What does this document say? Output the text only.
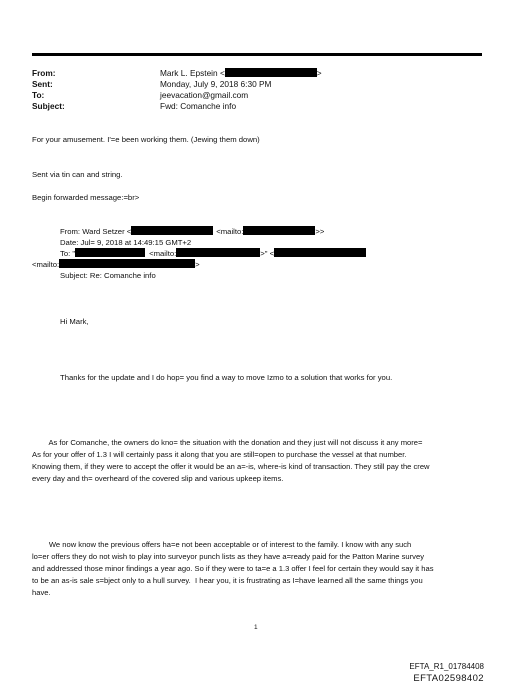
From:	Mark L. Epstein <	>
Sent:	Monday, July 9, 2018 6:30 PM
To:	jeevacation@gmail.com
Subject:	Fwd: Comanche info
For your amusement. I'=e been working them. (Jewing them down)
Sent via tin can and string.
Begin forwarded message:=br>
From: Ward Setzer <	<mailto:	>>
Date: Jul= 9, 2018 at 14:49:15 GMT+2
To: "	<mailto:	>" <
<mailto:	>
Subject: Re: Comanche info
Hi Mark,
Thanks for the update and I do hop= you find a way to move Izmo to a solution that works for you.
As for Comanche, the owners do kno= the situation with the donation and they just will not discuss it any more=
As for your offer of 1.3 I will certainly pass it along that you are still=open to purchase the vessel at that number.
Knowing them, if they were to accept the offer it would be an a=-is, where-is kind of transaction. They still pay the crew
every day and th= overheard of the covered slip and various upkeep items.
We now know the previous offers ha=e not been acceptable or of interest to the family. I know with any such
lo=er offers they do not wish to play into surveyor punch lists as they have a=ready paid for the Patton Marine survey
and addressed those minor findings a year ago. So if they were to ta=e a 1.3 offer I feel for certain they would say it has
to be an as-is sale s=bject only to a hull survey.  I hear you, it is frustrating as I=have learned all the same things you
have.
1
EFTA_R1_01784408
EFTA02598402
